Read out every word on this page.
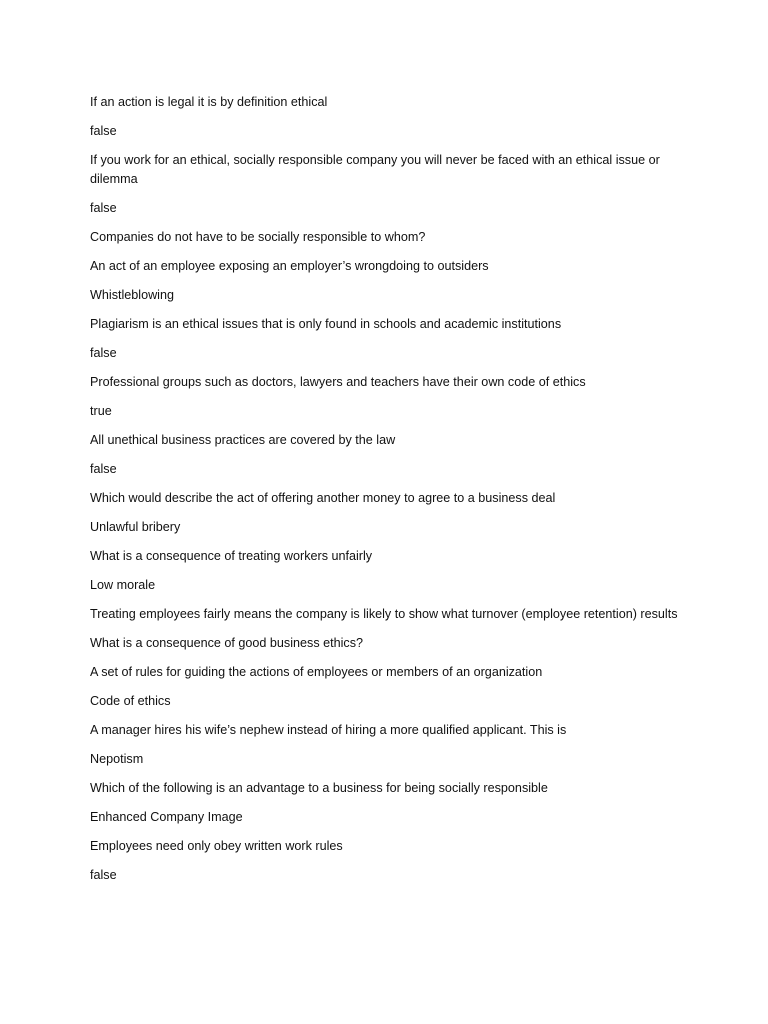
If an action is legal it is by definition ethical

false

If you work for an ethical, socially responsible company you will never be faced with an ethical issue or dilemma

false

Companies do not have to be socially responsible to whom?

An act of an employee exposing an employer’s wrongdoing to outsiders

Whistleblowing

Plagiarism is an ethical issues that is only found in schools and academic institutions

false

Professional groups such as doctors, lawyers and teachers have their own code of ethics

true

All unethical business practices are covered by the law

false

Which would describe the act of offering another money to agree to a business deal

Unlawful bribery

What is a consequence of treating workers unfairly

Low morale

Treating employees fairly means the company is likely to show what turnover (employee retention) results

What is a consequence of good business ethics?

A set of rules for guiding the actions of employees or members of an organization

Code of ethics

A manager hires his wife’s nephew instead of hiring a more qualified applicant. This is

Nepotism

Which of the following is an advantage to a business for being socially responsible

Enhanced Company Image

Employees need only obey written work rules

false
